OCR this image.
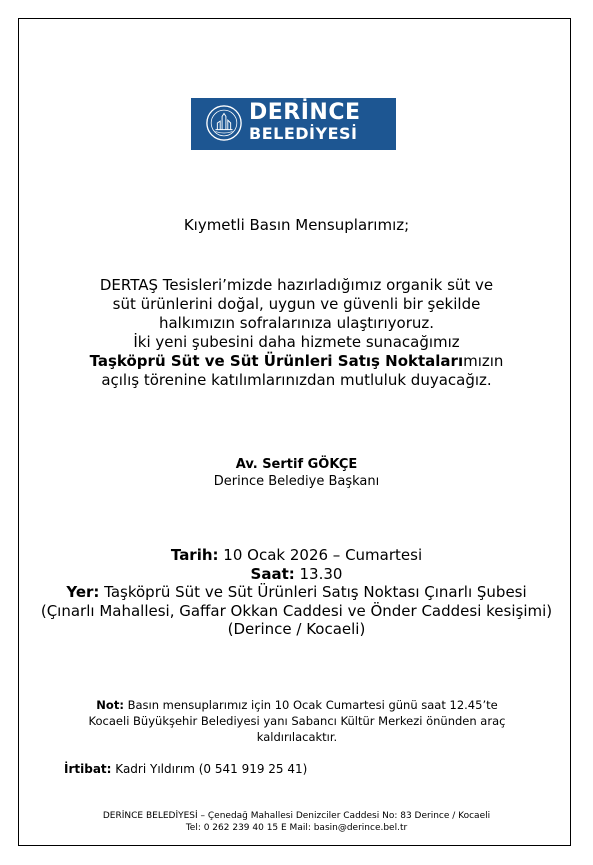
DERİNCE
BELEDİYESİ
Kıymetli Basın Mensuplarımız;
DERTAŞ Tesisleri’mizde hazırladığımız organik süt ve
süt ürünlerini doğal, uygun ve güvenli bir şekilde
halkımızın sofralarınıza ulaştırıyoruz.
İki yeni şubesini daha hizmete sunacağımız
Taşköprü Süt ve Süt Ürünleri Satış Noktalarımızın
açılış törenine katılımlarınızdan mutluluk duyacağız.
Av. Sertif GÖKÇE
Derince Belediye Başkanı
Tarih: 10 Ocak 2026 – Cumartesi
Saat: 13.30
Yer: Taşköprü Süt ve Süt Ürünleri Satış Noktası Çınarlı Şubesi
(Çınarlı Mahallesi, Gaffar Okkan Caddesi ve Önder Caddesi kesişimi)
(Derince / Kocaeli)
Not: Basın mensuplarımız için 10 Ocak Cumartesi günü saat 12.45’te
Kocaeli Büyükşehir Belediyesi yanı Sabancı Kültür Merkezi önünden araç
kaldırılacaktır.
İrtibat: Kadri Yıldırım (0 541 919 25 41)
DERİNCE BELEDİYESİ – Çenedağ Mahallesi Denizciler Caddesi No: 83 Derince / Kocaeli
Tel: 0 262 239 40 15 E Mail: basin@derince.bel.tr
